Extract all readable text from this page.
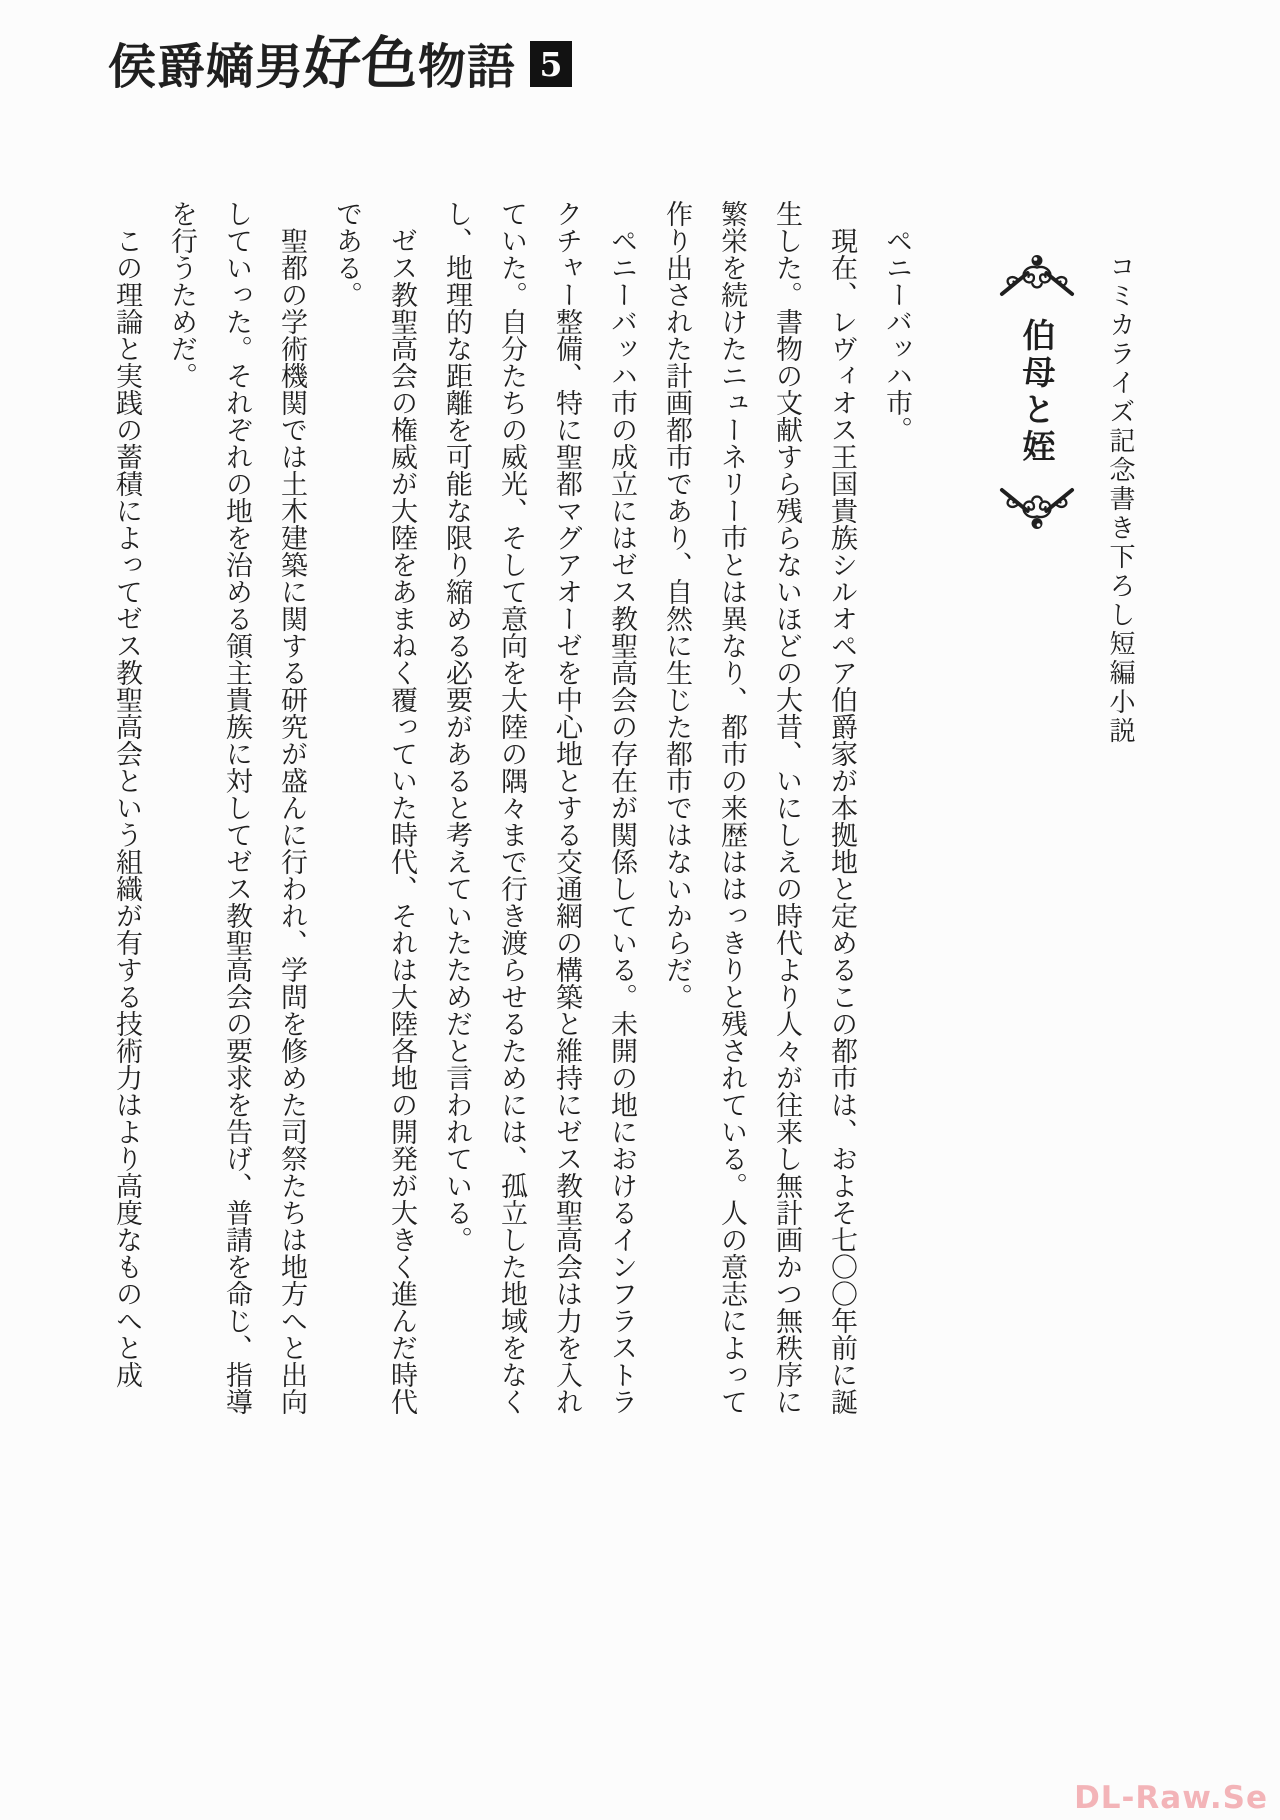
侯爵嫡男好色物語 5
コミカライズ記念書き下ろし短編小説
伯母と姪

ペニーバッハ市。

現在、レヴィオス王国貴族シルオペア伯爵家が本拠地と定めるこの都市は、およそ七〇〇年前に誕生した。書物の文献すら残らないほどの大昔、いにしえの時代より人々が往来し無計画かつ無秩序に繁栄を続けたニューネリー市とは異なり、都市の来歴ははっきりと残されている。人の意志によって作り出された計画都市であり、自然に生じた都市ではないからだ。

ペニーバッハ市の成立にはゼス教聖高会の存在が関係している。未開の地におけるインフラストラクチャー整備、特に聖都マグアオーゼを中心地とする交通網の構築と維持にゼス教聖高会は力を入れていた。自分たちの威光、そして意向を大陸の隅々まで行き渡らせるためには、孤立した地域をなくし、地理的な距離を可能な限り縮める必要があると考えていたためだと言われている。

ゼス教聖高会の権威が大陸をあまねく覆っていた時代、それは大陸各地の開発が大きく進んだ時代である。

聖都の学術機関では土木建築に関する研究が盛んに行われ、学問を修めた司祭たちは地方へと出向していった。それぞれの地を治める領主貴族に対してゼス教聖高会の要求を告げ、普請を命じ、指導を行うためだ。

この理論と実践の蓄積によってゼス教聖高会という組織が有する技術力はより高度なものへと成

DL-Raw.Se
